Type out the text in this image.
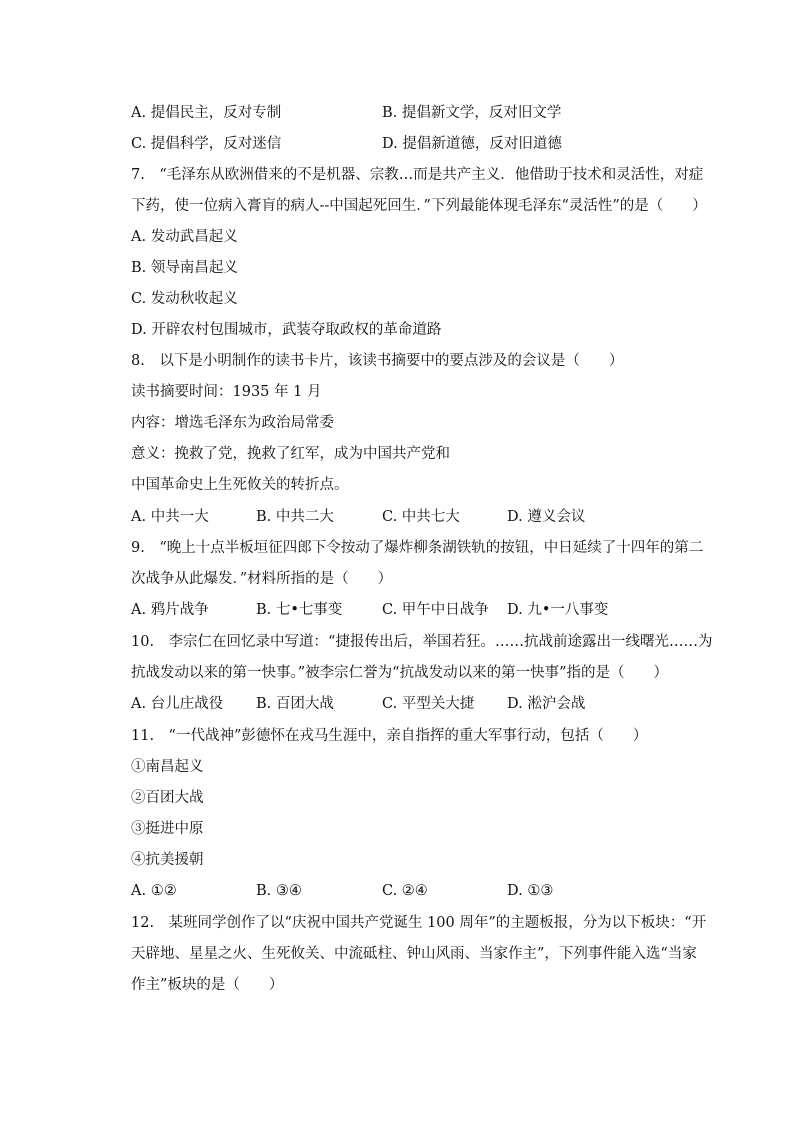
A. 提倡民主，反对专制	B. 提倡新文学，反对旧文学
C. 提倡科学，反对迷信	D. 提倡新道德，反对旧道德
7.　“毛泽东从欧洲借来的不是机器、宗教…而是共产主义．他借助于技术和灵活性，对症
下药，使一位病入膏肓的病人--中国起死回生．”下列最能体现毛泽东“灵活性”的是（　　）
A. 发动武昌起义
B. 领导南昌起义
C. 发动秋收起义
D. 开辟农村包围城市，武装夺取政权的革命道路
8.　以下是小明制作的读书卡片，该读书摘要中的要点涉及的会议是（　　）
读书摘要时间：1935 年 1 月
内容：增选毛泽东为政治局常委
意义：挽救了党，挽救了红军，成为中国共产党和
中国革命史上生死攸关的转折点。
A. 中共一大	B. 中共二大	C. 中共七大	D. 遵义会议
9.　“晚上十点半板垣征四郎下令按动了爆炸柳条湖铁轨的按钮，中日延续了十四年的第二
次战争从此爆发．”材料所指的是（　　）
A. 鸦片战争	B. 七•七事变	C. 甲午中日战争 D. 九•一八事变
10.　李宗仁在回忆录中写道：“捷报传出后，举国若狂。……抗战前途露出一线曙光……为
抗战发动以来的第一快事。”被李宗仁誉为“抗战发动以来的第一快事”指的是（　　）
A. 台儿庄战役 B. 百团大战	C. 平型关大捷 D. 淞沪会战
11.　“一代战神”彭德怀在戎马生涯中，亲自指挥的重大军事行动，包括（　　）
①南昌起义
②百团大战
③挺进中原
④抗美援朝
A. ①②	B. ③④	C. ②④	D. ①③
12.　某班同学创作了以“庆祝中国共产党诞生 100 周年”的主题板报，分为以下板块：“开
天辟地、星星之火、生死攸关、中流砥柱、钟山风雨、当家作主”，下列事件能入选“当家
作主”板块的是（　　）
